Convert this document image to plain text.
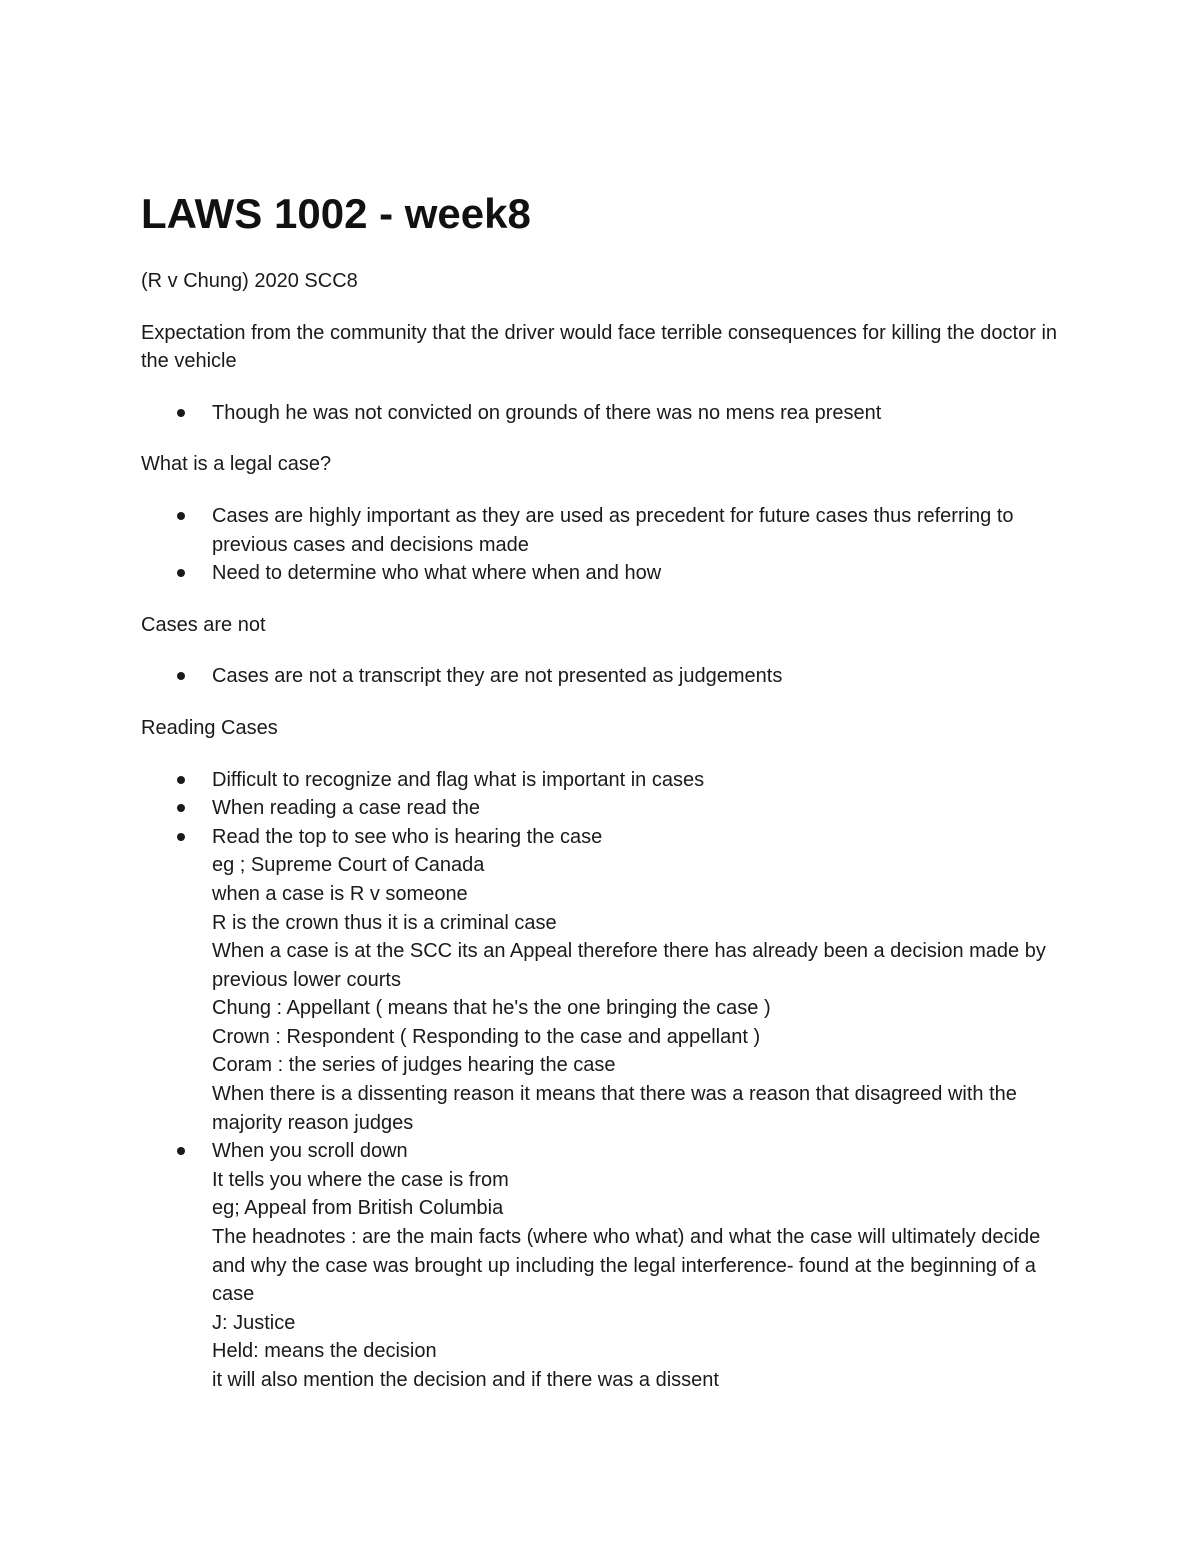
LAWS 1002 - week8

(R v Chung) 2020 SCC8

Expectation from the community that the driver would face terrible consequences for killing the doctor in the vehicle

Though he was not convicted on grounds of there was no mens rea present

What is a legal case?

Cases are highly important as they are used as precedent for future cases thus referring to previous cases and decisions made
Need to determine who what where when and how

Cases are not

Cases are not a transcript they are not presented as judgements

Reading Cases

Difficult to recognize and flag what is important in cases
When reading a case read the
Read the top to see who is hearing the case
eg ; Supreme Court of Canada
when a case is R v someone
R is the crown thus it is a criminal case
When a case is at the SCC its an Appeal therefore there has already been a decision made by previous lower courts
Chung : Appellant ( means that he's the one bringing the case )
Crown : Respondent ( Responding to the case and appellant )
Coram : the series of judges hearing the case
When there is a dissenting reason it means that there was a reason that disagreed with the majority reason judges
When you scroll down
It tells you where the case is from
eg; Appeal from British Columbia
The headnotes : are the main facts (where who what) and what the case will ultimately decide and why the case was brought up including the legal interference- found at the beginning of a case
J: Justice
Held: means the decision
it will also mention the decision and if there was a dissent
